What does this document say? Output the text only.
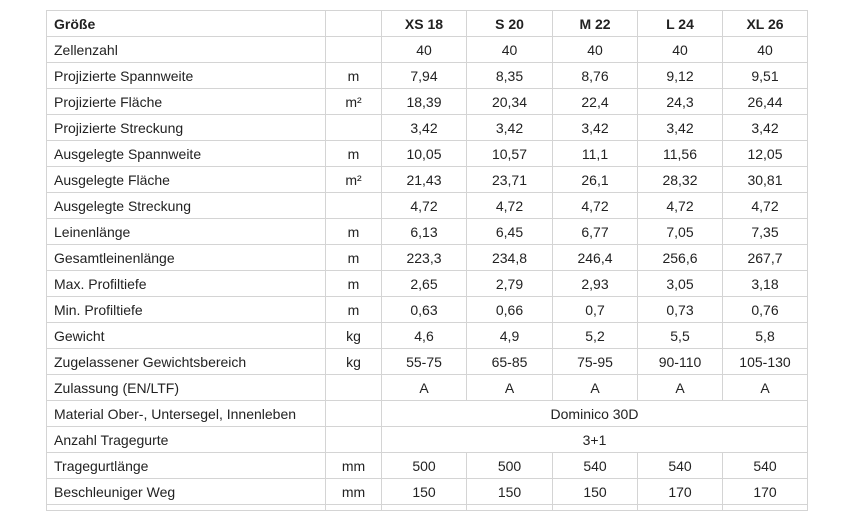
Größe		XS 18	S 20	M 22	L 24	XL 26
Zellenzahl		40	40	40	40	40
Projizierte Spannweite	m	7,94	8,35	8,76	9,12	9,51
Projizierte Fläche	m²	18,39	20,34	22,4	24,3	26,44
Projizierte Streckung		3,42	3,42	3,42	3,42	3,42
Ausgelegte Spannweite	m	10,05	10,57	11,1	11,56	12,05
Ausgelegte Fläche	m²	21,43	23,71	26,1	28,32	30,81
Ausgelegte Streckung		4,72	4,72	4,72	4,72	4,72
Leinenlänge	m	6,13	6,45	6,77	7,05	7,35
Gesamtleinenlänge	m	223,3	234,8	246,4	256,6	267,7
Max. Profiltiefe	m	2,65	2,79	2,93	3,05	3,18
Min. Profiltiefe	m	0,63	0,66	0,7	0,73	0,76
Gewicht	kg	4,6	4,9	5,2	5,5	5,8
Zugelassener Gewichtsbereich	kg	55-75	65-85	75-95	90-110	105-130
Zulassung (EN/LTF)		A	A	A	A	A
Material Ober-, Untersegel, Innenleben		Dominico 30D				
Anzahl Tragegurte		3+1				
Tragegurtlänge	mm	500	500	540	540	540
Beschleuniger Weg	mm	150	150	150	170	170
